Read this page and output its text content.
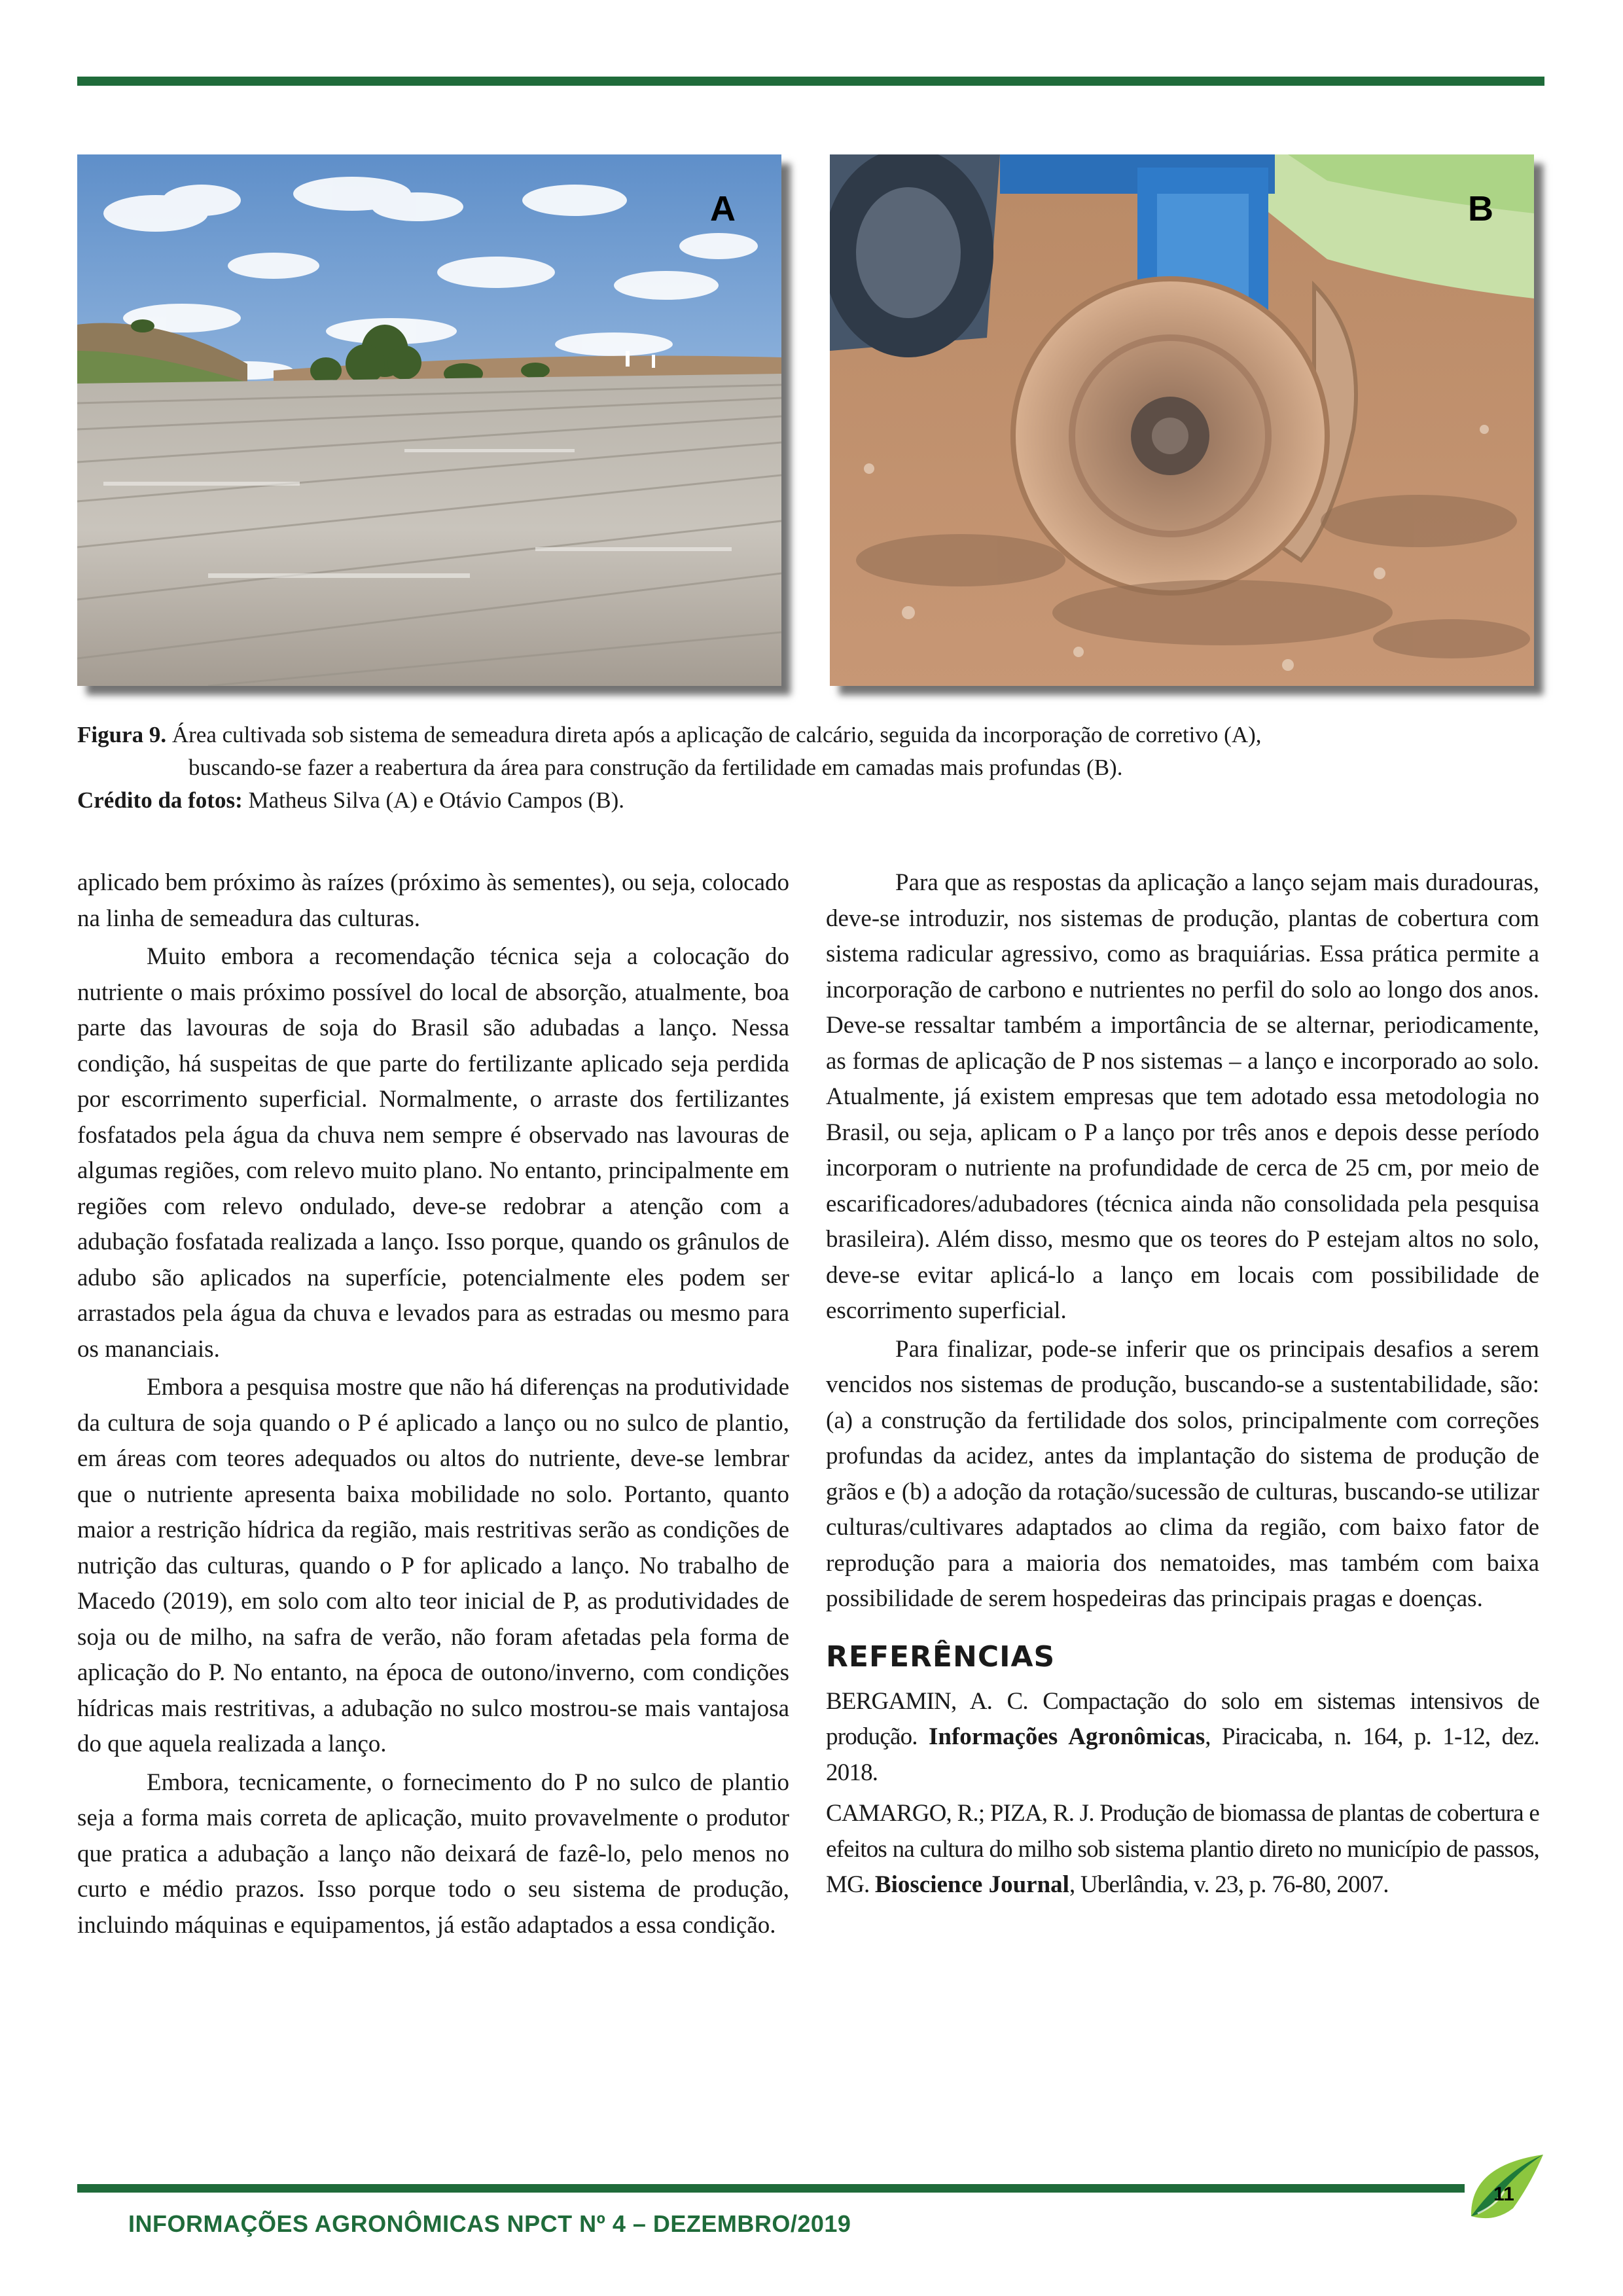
A	B

Figura 9. Área cultivada sob sistema de semeadura direta após a aplicação de calcário, seguida da incorporação de corretivo (A),

buscando-se fazer a reabertura da área para construção da fertilidade em camadas mais profundas (B).

Crédito da fotos: Matheus Silva (A) e Otávio Campos (B).

aplicado bem próximo às raízes (próximo às sementes), ou seja, colocado na linha de semeadura das culturas.

Muito embora a recomendação técnica seja a colocação do nutriente o mais próximo possível do local de absorção, atualmente, boa parte das lavouras de soja do Brasil são adubadas a lanço. Nessa condição, há suspeitas de que parte do fertilizante aplicado seja perdida por escorrimento superficial. Normalmente, o arraste dos fertilizantes fosfatados pela água da chuva nem sempre é observado nas lavouras de algumas regiões, com relevo muito plano. No entanto, principalmente em regiões com relevo ondulado, deve-se redobrar a atenção com a adubação fosfatada realizada a lanço. Isso porque, quando os grânulos de adubo são aplicados na superfície, potencialmente eles podem ser arrastados pela água da chuva e levados para as estradas ou mesmo para os mananciais.

Embora a pesquisa mostre que não há diferenças na produtividade da cultura de soja quando o P é aplicado a lanço ou no sulco de plantio, em áreas com teores adequados ou altos do nutriente, deve-se lembrar que o nutriente apresenta baixa mobilidade no solo. Portanto, quanto maior a restrição hídrica da região, mais restritivas serão as condições de nutrição das culturas, quando o P for aplicado a lanço. No trabalho de Macedo (2019), em solo com alto teor inicial de P, as produtividades de soja ou de milho, na safra de verão, não foram afetadas pela forma de aplicação do P. No entanto, na época de outono/inverno, com condições hídricas mais restritivas, a adubação no sulco mostrou-se mais vantajosa do que aquela realizada a lanço.

Embora, tecnicamente, o fornecimento do P no sulco de plantio seja a forma mais correta de aplicação, muito provavelmente o produtor que pratica a adubação a lanço não deixará de fazê-lo, pelo menos no curto e médio prazos. Isso porque todo o seu sistema de produção, incluindo máquinas e equipamentos, já estão adaptados a essa condição.

Para que as respostas da aplicação a lanço sejam mais duradouras, deve-se introduzir, nos sistemas de produção, plantas de cobertura com sistema radicular agressivo, como as braquiárias. Essa prática permite a incorporação de carbono e nutrientes no perfil do solo ao longo dos anos. Deve-se ressaltar também a importância de se alternar, periodicamente, as formas de aplicação de P nos sistemas – a lanço e incorporado ao solo. Atualmente, já existem empresas que tem adotado essa metodologia no Brasil, ou seja, aplicam o P a lanço por três anos e depois desse período incorporam o nutriente na profundidade de cerca de 25 cm, por meio de escarificadores/adubadores (técnica ainda não consolidada pela pesquisa brasileira). Além disso, mesmo que os teores do P estejam altos no solo, deve-se evitar aplicá-lo a lanço em locais com possibilidade de escorrimento superficial.

Para finalizar, pode-se inferir que os principais desafios a serem vencidos nos sistemas de produção, buscando-se a sustentabilidade, são: (a) a construção da fertilidade dos solos, principalmente com correções profundas da acidez, antes da implantação do sistema de produção de grãos e (b) a adoção da rotação/sucessão de culturas, buscando-se utilizar culturas/cultivares adaptados ao clima da região, com baixo fator de reprodução para a maioria dos nematoides, mas também com baixa possibilidade de serem hospedeiras das principais pragas e doenças.

REFERÊNCIAS

BERGAMIN, A. C. Compactação do solo em sistemas intensivos de produção. Informações Agronômicas, Piracicaba, n. 164, p. 1-12, dez. 2018.

CAMARGO, R.; PIZA, R. J. Produção de biomassa de plantas de cobertura e efeitos na cultura do milho sob sistema plantio direto no município de passos, MG. Bioscience Journal, Uberlândia, v. 23, p. 76-80, 2007.

11
INFORMAÇÕES AGRONÔMICAS NPCT Nº 4 – DEZEMBRO/2019
